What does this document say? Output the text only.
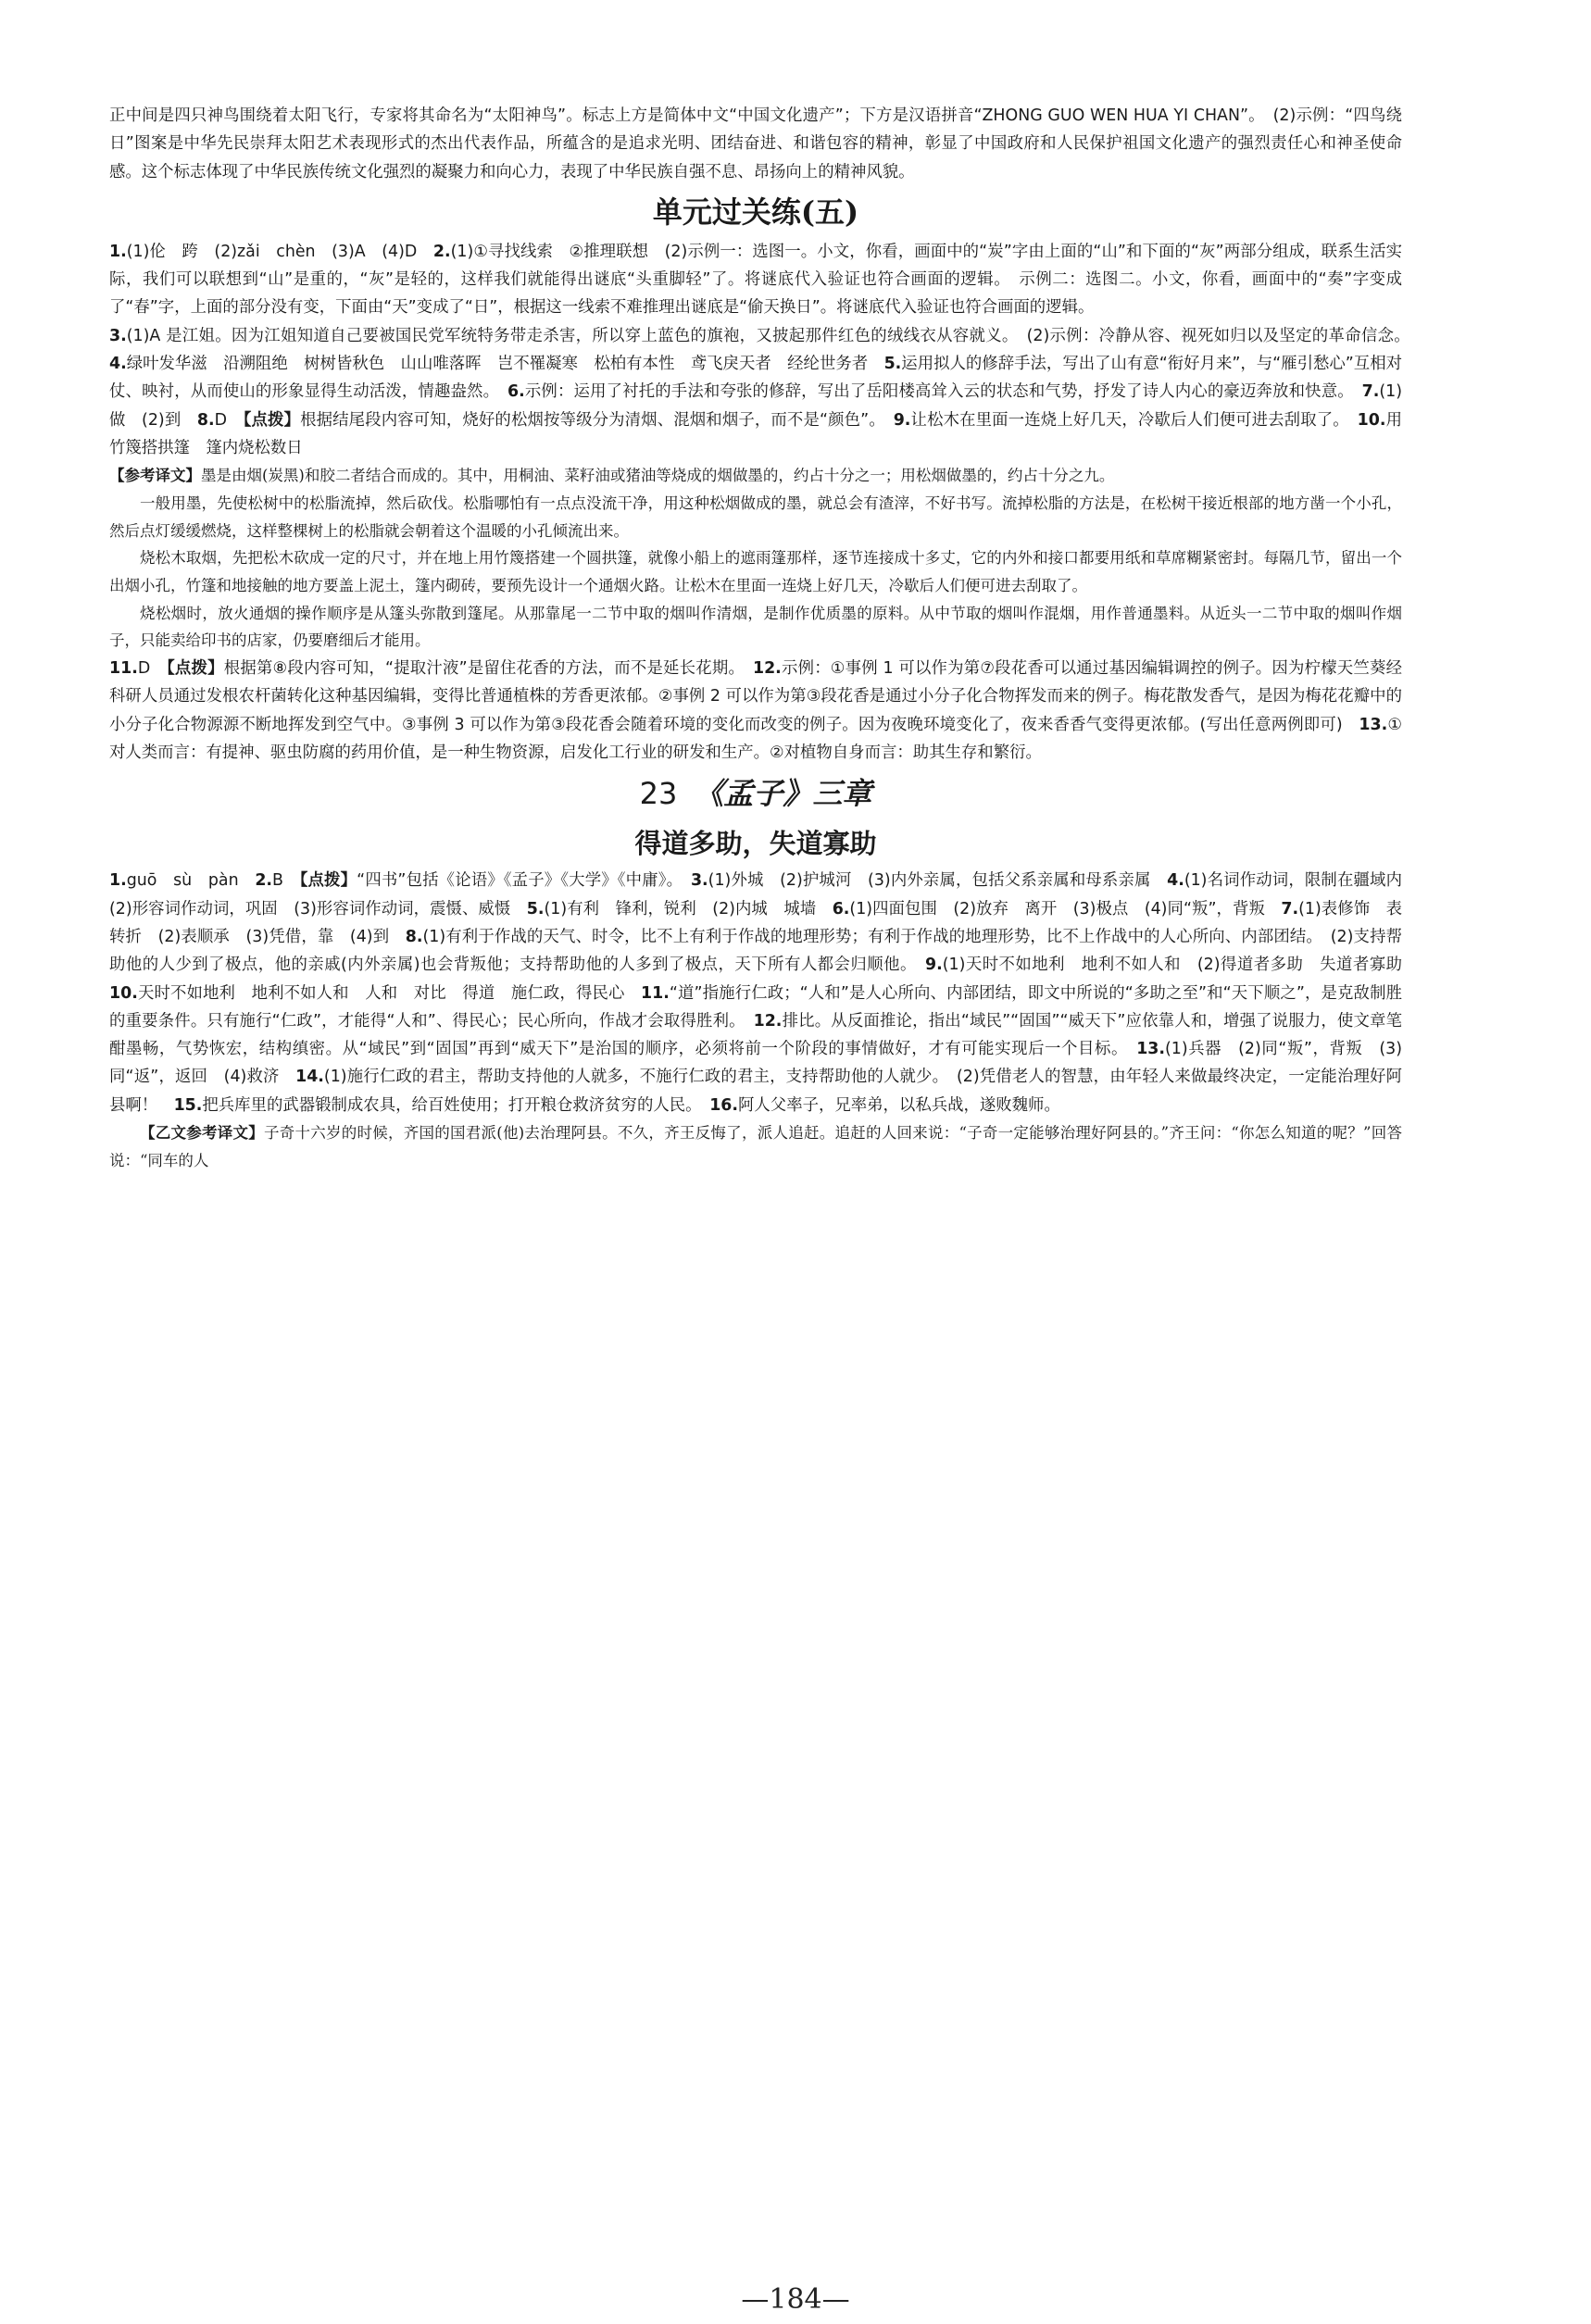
正中间是四只神鸟围绕着太阳飞行，专家将其命名为“太阳神鸟”。标志上方是简体中文“中国文化遗产”；下方是汉语拼音“ZHONG GUO WEN HUA YI CHAN”。　(2)示例：“四鸟绕日”图案是中华先民崇拜太阳艺术表现形式的杰出代表作品，所蕴含的是追求光明、团结奋进、和谐包容的精神，彰显了中国政府和人民保护祖国文化遗产的强烈责任心和神圣使命感。这个标志体现了中华民族传统文化强烈的凝聚力和向心力，表现了中华民族自强不息、昂扬向上的精神风貌。

单元过关练(五)

1.(1)伦　跨　(2)zǎi　chèn　(3)A　(4)D　2.(1)①寻找线索　②推理联想　(2)示例一：选图一。小文，你看，画面中的“炭”字由上面的“山”和下面的“灰”两部分组成，联系生活实际，我们可以联想到“山”是重的，“灰”是轻的，这样我们就能得出谜底“头重脚轻”了。将谜底代入验证也符合画面的逻辑。　示例二：选图二。小文，你看，画面中的“奏”字变成了“春”字，上面的部分没有变，下面由“天”变成了“日”，根据这一线索不难推理出谜底是“偷天换日”。将谜底代入验证也符合画面的逻辑。

3.(1)A 是江姐。因为江姐知道自己要被国民党军统特务带走杀害，所以穿上蓝色的旗袍，又披起那件红色的绒线衣从容就义。　(2)示例：冷静从容、视死如归以及坚定的革命信念。　4.绿叶发华滋　沿溯阻绝　树树皆秋色　山山唯落晖　岂不罹凝寒　松柏有本性　鸢飞戾天者　经纶世务者　5.运用拟人的修辞手法，写出了山有意“衔好月来”，与“雁引愁心”互相对仗、映衬，从而使山的形象显得生动活泼，情趣盎然。　6.示例：运用了衬托的手法和夸张的修辞，写出了岳阳楼高耸入云的状态和气势，抒发了诗人内心的豪迈奔放和快意。　7.(1)做　(2)到　8.D　【点拨】根据结尾段内容可知，烧好的松烟按等级分为清烟、混烟和烟子，而不是“颜色”。　9.让松木在里面一连烧上好几天，冷歇后人们便可进去刮取了。　10.用竹篾搭拱篷　篷内烧松数日

【参考译文】墨是由烟(炭黑)和胶二者结合而成的。其中，用桐油、菜籽油或猪油等烧成的烟做墨的，约占十分之一；用松烟做墨的，约占十分之九。

一般用墨，先使松树中的松脂流掉，然后砍伐。松脂哪怕有一点点没流干净，用这种松烟做成的墨，就总会有渣滓，不好书写。流掉松脂的方法是，在松树干接近根部的地方凿一个小孔，然后点灯缓缓燃烧，这样整棵树上的松脂就会朝着这个温暖的小孔倾流出来。

烧松木取烟，先把松木砍成一定的尺寸，并在地上用竹篾搭建一个圆拱篷，就像小船上的遮雨篷那样，逐节连接成十多丈，它的内外和接口都要用纸和草席糊紧密封。每隔几节，留出一个出烟小孔，竹篷和地接触的地方要盖上泥土，篷内砌砖，要预先设计一个通烟火路。让松木在里面一连烧上好几天，冷歇后人们便可进去刮取了。

烧松烟时，放火通烟的操作顺序是从篷头弥散到篷尾。从那靠尾一二节中取的烟叫作清烟，是制作优质墨的原料。从中节取的烟叫作混烟，用作普通墨料。从近头一二节中取的烟叫作烟子，只能卖给印书的店家，仍要磨细后才能用。

11.D　【点拨】根据第⑧段内容可知，“提取汁液”是留住花香的方法，而不是延长花期。　12.示例：①事例 1 可以作为第⑦段花香可以通过基因编辑调控的例子。因为柠檬天竺葵经科研人员通过发根农杆菌转化这种基因编辑，变得比普通植株的芳香更浓郁。②事例 2 可以作为第③段花香是通过小分子化合物挥发而来的例子。梅花散发香气，是因为梅花花瓣中的小分子化合物源源不断地挥发到空气中。③事例 3 可以作为第③段花香会随着环境的变化而改变的例子。因为夜晚环境变化了，夜来香香气变得更浓郁。(写出任意两例即可)　13.①对人类而言：有提神、驱虫防腐的药用价值，是一种生物资源，启发化工行业的研发和生产。②对植物自身而言：助其生存和繁衍。

23 《孟子》三章
得道多助，失道寡助

1.guō　sù　pàn　2.B　【点拨】“四书”包括《论语》《孟子》《大学》《中庸》。　3.(1)外城　(2)护城河　(3)内外亲属，包括父系亲属和母系亲属　4.(1)名词作动词，限制在疆域内　(2)形容词作动词，巩固　(3)形容词作动词，震慑、威慑　5.(1)有利　锋利，锐利　(2)内城　城墙　6.(1)四面包围　(2)放弃　离开　(3)极点　(4)同“叛”，背叛　7.(1)表修饰　表转折　(2)表顺承　(3)凭借，靠　(4)到　8.(1)有利于作战的天气、时令，比不上有利于作战的地理形势；有利于作战的地理形势，比不上作战中的人心所向、内部团结。　(2)支持帮助他的人少到了极点，他的亲戚(内外亲属)也会背叛他；支持帮助他的人多到了极点，天下所有人都会归顺他。　9.(1)天时不如地利　地利不如人和　(2)得道者多助　失道者寡助　10.天时不如地利　地利不如人和　人和　对比　得道　施仁政，得民心　11.“道”指施行仁政；“人和”是人心所向、内部团结，即文中所说的“多助之至”和“天下顺之”，是克敌制胜的重要条件。只有施行“仁政”，才能得“人和”、得民心；民心所向，作战才会取得胜利。　12.排比。从反面推论，指出“域民”“固国”“威天下”应依靠人和，增强了说服力，使文章笔酣墨畅，气势恢宏，结构缜密。从“域民”到“固国”再到“威天下”是治国的顺序，必须将前一个阶段的事情做好，才有可能实现后一个目标。　13.(1)兵器　(2)同“叛”，背叛　(3)同“返”，返回　(4)救济　14.(1)施行仁政的君主，帮助支持他的人就多，不施行仁政的君主，支持帮助他的人就少。　(2)凭借老人的智慧，由年轻人来做最终决定，一定能治理好阿县啊！　15.把兵库里的武器锻制成农具，给百姓使用；打开粮仓救济贫穷的人民。　16.阿人父率子，兄率弟，以私兵战，遂败魏师。

【乙文参考译文】子奇十六岁的时候，齐国的国君派(他)去治理阿县。不久，齐王反悔了，派人追赶。追赶的人回来说：“子奇一定能够治理好阿县的。”齐王问：“你怎么知道的呢？”回答说：“同车的人

—184—
